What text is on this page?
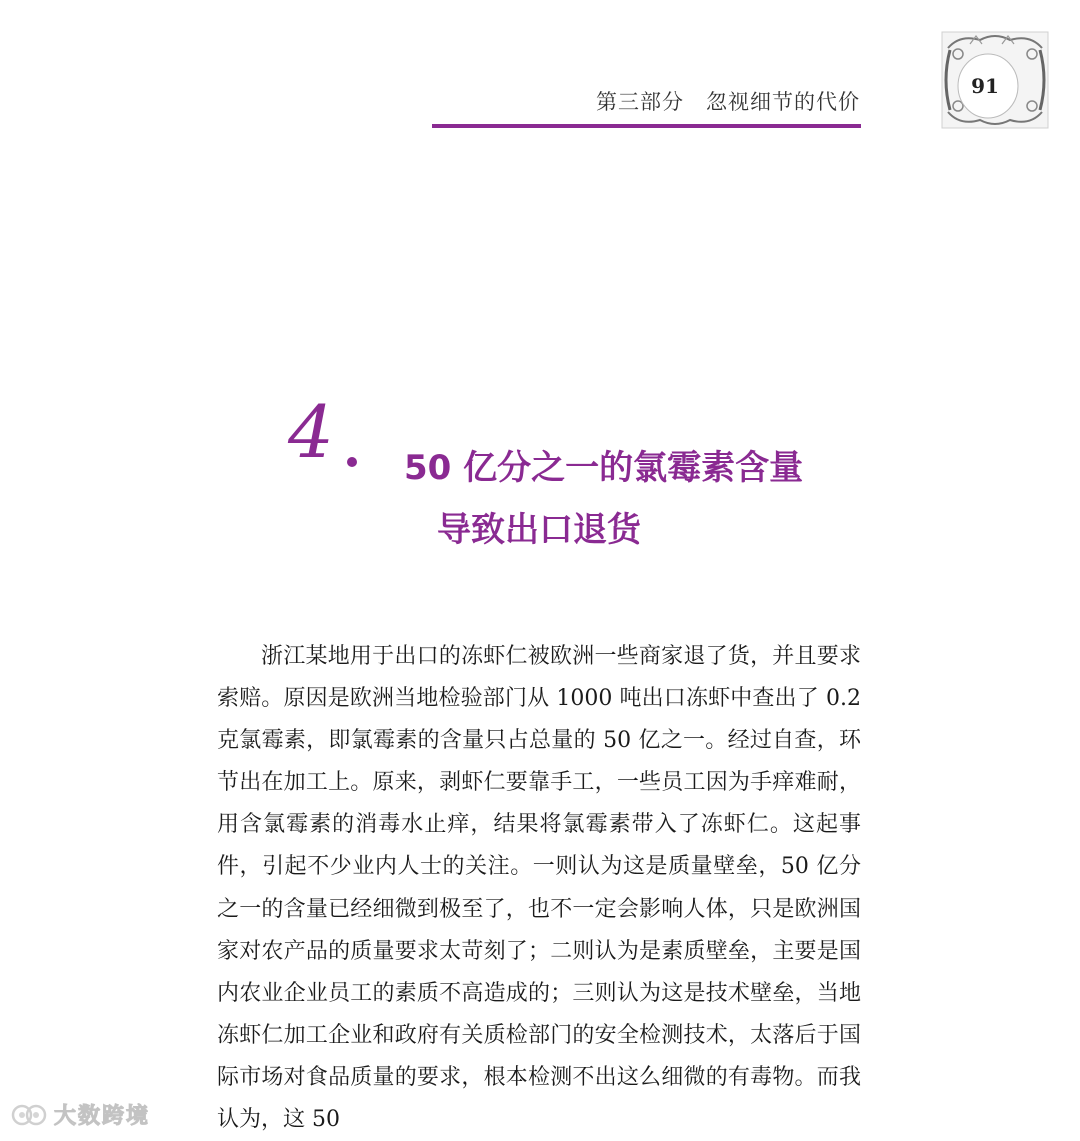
第三部分 忽视细节的代价
91
4 50 亿分之一的氯霉素含量
导致出口退货

浙江某地用于出口的冻虾仁被欧洲一些商家退了货，并且要求索赔。原因是欧洲当地检验部门从 1000 吨出口冻虾中查出了 0.2 克氯霉素，即氯霉素的含量只占总量的 50 亿之一。经过自查，环节出在加工上。原来，剥虾仁要靠手工，一些员工因为手痒难耐，用含氯霉素的消毒水止痒，结果将氯霉素带入了冻虾仁。这起事件，引起不少业内人士的关注。一则认为这是质量壁垒，50 亿分之一的含量已经细微到极至了，也不一定会影响人体，只是欧洲国家对农产品的质量要求太苛刻了；二则认为是素质壁垒，主要是国内农业企业员工的素质不高造成的；三则认为这是技术壁垒，当地冻虾仁加工企业和政府有关质检部门的安全检测技术，太落后于国际市场对食品质量的要求，根本检测不出这么细微的有毒物。而我认为，这 50

大数跨境
